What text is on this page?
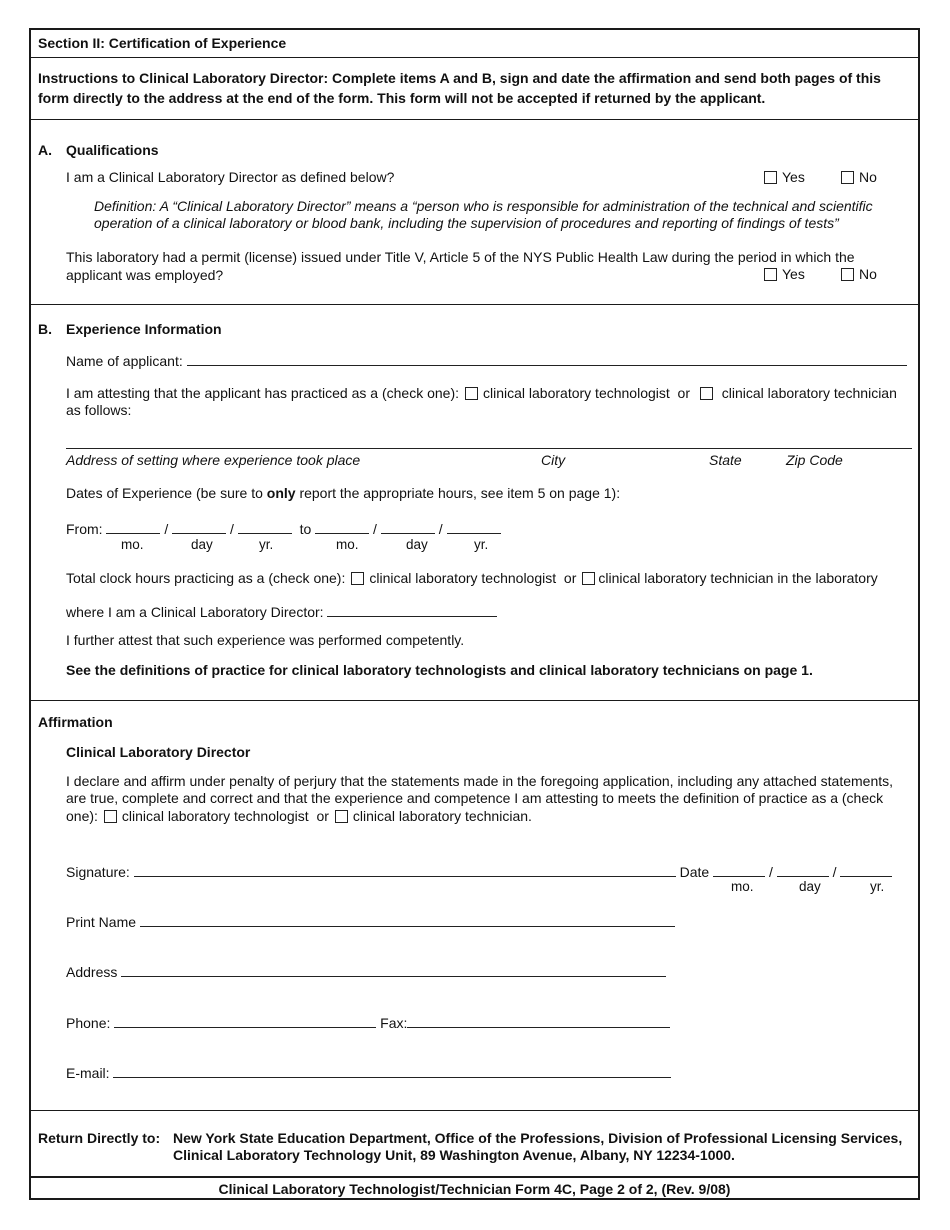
Section II: Certification of Experience
Instructions to Clinical Laboratory Director: Complete items A and B, sign and date the affirmation and send both pages of this form directly to the address at the end of the form. This form will not be accepted if returned by the applicant.
A. Qualifications
I am a Clinical Laboratory Director as defined below?	Yes	No
Definition: A “Clinical Laboratory Director” means a “person who is responsible for administration of the technical and scientific operation of a clinical laboratory or blood bank, including the supervision of procedures and reporting of findings of tests”
This laboratory had a permit (license) issued under Title V, Article 5 of the NYS Public Health Law during the period in which the applicant was employed?	Yes	No
B. Experience Information
Name of applicant:
I am attesting that the applicant has practiced as a (check one): clinical laboratory technologist or clinical laboratory technician
as follows:
Address of setting where experience took place	City	State	Zip Code
Dates of Experience (be sure to only report the appropriate hours, see item 5 on page 1):
From:	/	/	to	/	/
mo.	day	yr.	mo.	day	yr.
Total clock hours practicing as a (check one): clinical laboratory technologist or clinical laboratory technician in the laboratory
where I am a Clinical Laboratory Director:
I further attest that such experience was performed competently.
See the definitions of practice for clinical laboratory technologists and clinical laboratory technicians on page 1.
Affirmation
Clinical Laboratory Director
I declare and affirm under penalty of perjury that the statements made in the foregoing application, including any attached statements, are true, complete and correct and that the experience and competence I am attesting to meets the definition of practice as a (check
one): clinical laboratory technologist or clinical laboratory technician.
Signature:	Date	/	/
mo.	day	yr.
Print Name
Address
Phone:	Fax:
E-mail:
Return Directly to: New York State Education Department, Office of the Professions, Division of Professional Licensing Services,
Clinical Laboratory Technology Unit, 89 Washington Avenue, Albany, NY 12234-1000.
Clinical Laboratory Technologist/Technician Form 4C, Page 2 of 2, (Rev. 9/08)
